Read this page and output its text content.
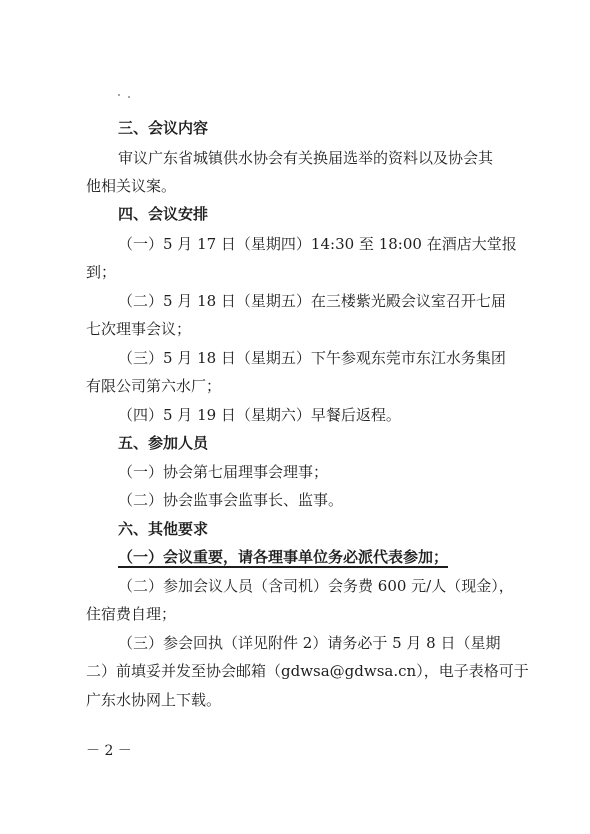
三、会议内容
审议广东省城镇供水协会有关换届选举的资料以及协会其
他相关议案。
四、会议安排
（一）5 月 17 日（星期四）14:30 至 18:00 在酒店大堂报
到；
（二）5 月 18 日（星期五）在三楼紫光殿会议室召开七届
七次理事会议；
（三）5 月 18 日（星期五）下午参观东莞市东江水务集团
有限公司第六水厂；
（四）5 月 19 日（星期六）早餐后返程。
五、参加人员
（一）协会第七届理事会理事；
（二）协会监事会监事长、监事。
六、其他要求
（一）会议重要，请各理事单位务必派代表参加；
（二）参加会议人员（含司机）会务费 600 元/人（现金），
住宿费自理；
（三）参会回执（详见附件 2）请务必于 5 月 8 日（星期
二）前填妥并发至协会邮箱（gdwsa@gdwsa.cn），电子表格可于
广东水协网上下载。
－ 2 －
